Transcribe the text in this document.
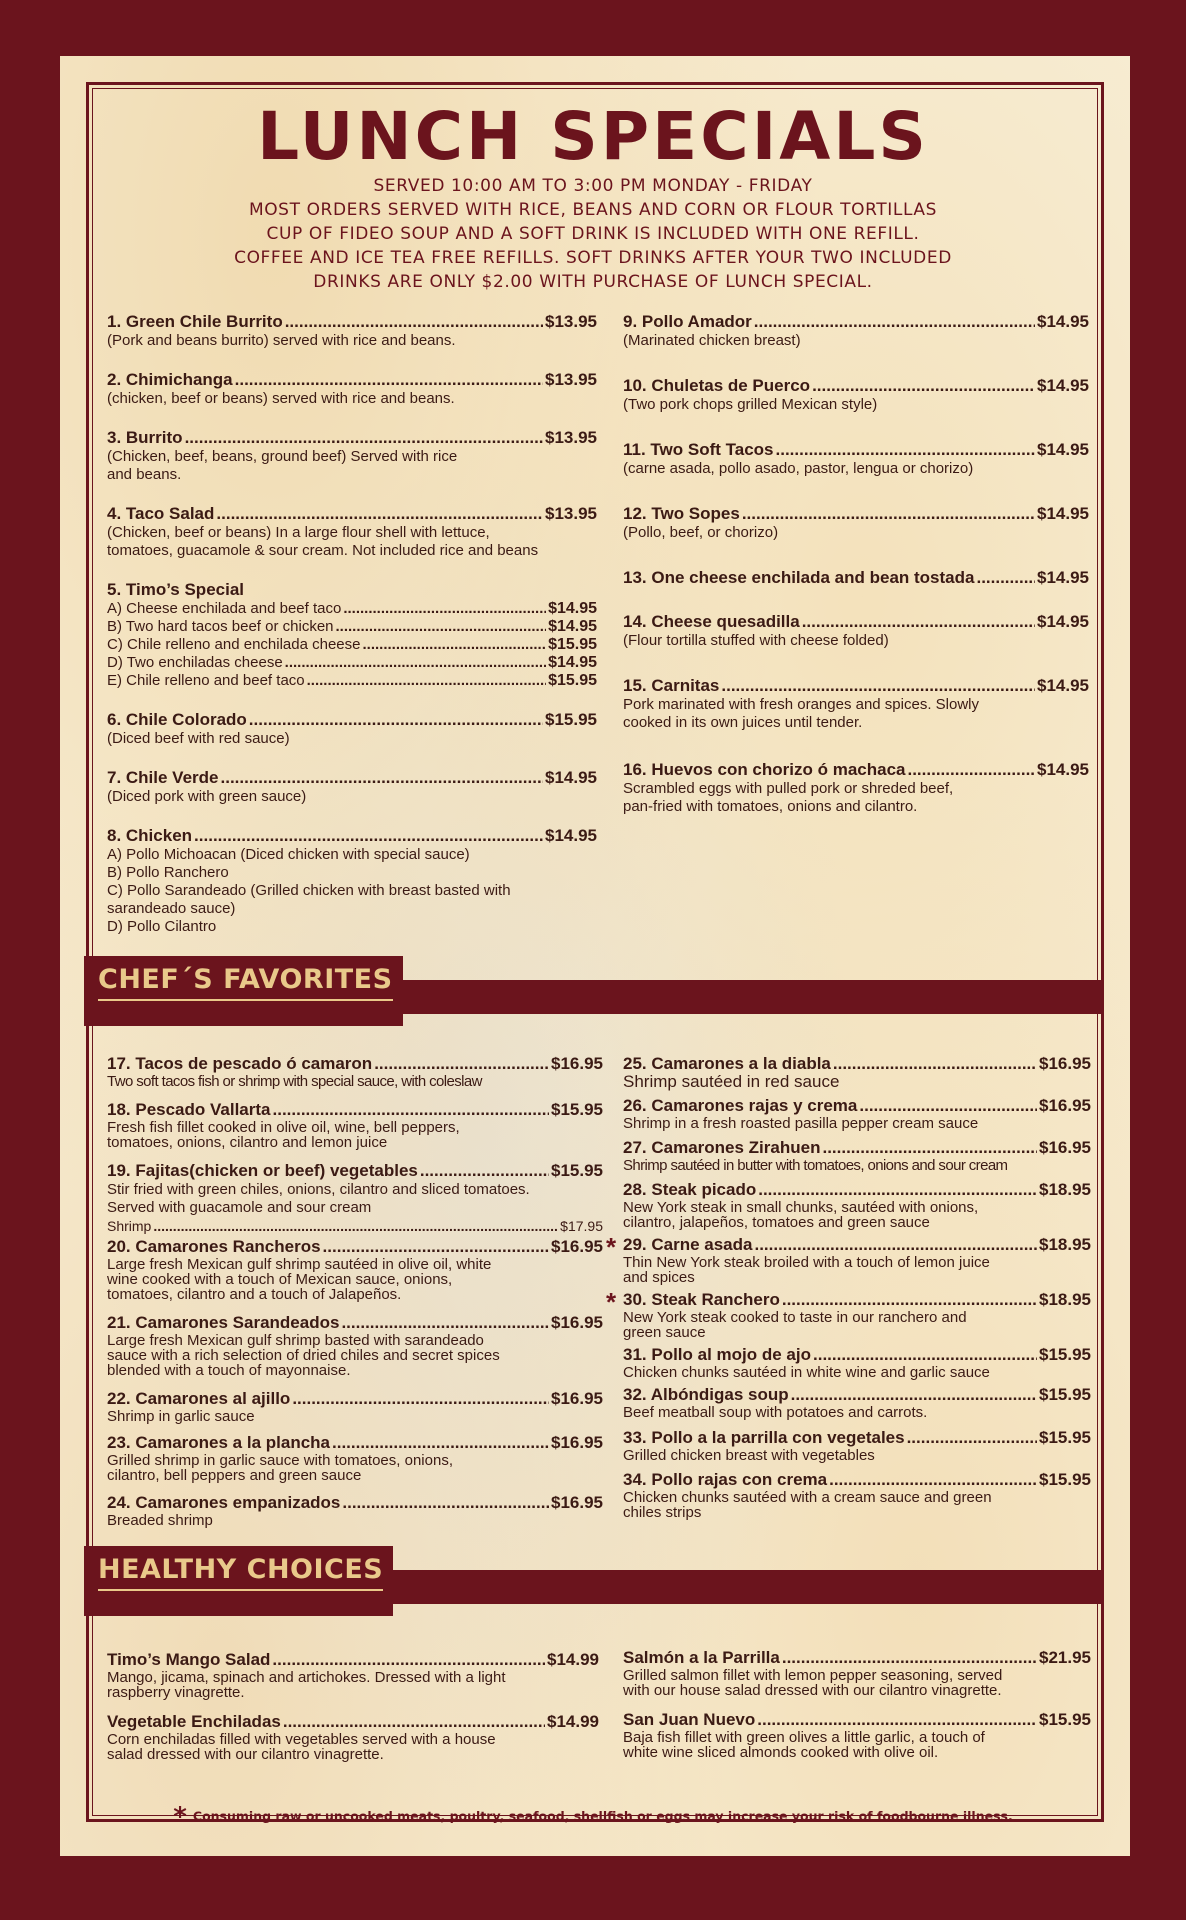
LUNCH SPECIALS
SERVED 10:00 AM TO 3:00 PM MONDAY - FRIDAY
MOST ORDERS SERVED WITH RICE, BEANS AND CORN OR FLOUR TORTILLAS
CUP OF FIDEO SOUP AND A SOFT DRINK IS INCLUDED WITH ONE REFILL.
COFFEE AND ICE TEA FREE REFILLS. SOFT DRINKS AFTER YOUR TWO INCLUDED
DRINKS ARE ONLY $2.00 WITH PURCHASE OF LUNCH SPECIAL.
1. Green Chile Burrito .....	$13.95
(Pork and beans burrito) served with rice and beans.
2. Chimichanga .....	$13.95
(chicken, beef or beans) served with rice and beans.
3. Burrito .....	$13.95
(Chicken, beef, beans, ground beef) Served with rice
and beans.
4. Taco Salad .....	$13.95
(Chicken, beef or beans) In a large flour shell with lettuce,
tomatoes, guacamole & sour cream. Not included rice and beans
5. Timo’s Special
A) Cheese enchilada and beef taco .....	$14.95
B) Two hard tacos beef or chicken .....	$14.95
C) Chile relleno and enchilada cheese .....	$15.95
D) Two enchiladas cheese .....	$14.95
E) Chile relleno and beef taco .....	$15.95
6. Chile Colorado .....	$15.95
(Diced beef with red sauce)
7. Chile Verde .....	$14.95
(Diced pork with green sauce)
8. Chicken .....	$14.95
A) Pollo Michoacan (Diced chicken with special sauce)
B) Pollo Ranchero
C) Pollo Sarandeado (Grilled chicken with breast basted with
sarandeado sauce)
D) Pollo Cilantro
9. Pollo Amador .....	$14.95
(Marinated chicken breast)
10. Chuletas de Puerco .....	$14.95
(Two pork chops grilled Mexican style)
11. Two Soft Tacos .....	$14.95
(carne asada, pollo asado, pastor, lengua or chorizo)
12. Two Sopes .....	$14.95
(Pollo, beef, or chorizo)
13. One cheese enchilada and bean tostada .....	$14.95
14. Cheese quesadilla .....	$14.95
(Flour tortilla stuffed with cheese folded)
15. Carnitas .....	$14.95
Pork marinated with fresh oranges and spices. Slowly
cooked in its own juices until tender.
16. Huevos con chorizo ó machaca .....	$14.95
Scrambled eggs with pulled pork or shreded beef,
pan-fried with tomatoes, onions and cilantro.
CHEF´S FAVORITES
17. Tacos de pescado ó camaron .....	$16.95
Two soft tacos fish or shrimp with special sauce, with coleslaw
18. Pescado Vallarta .....	$15.95
Fresh fish fillet cooked in olive oil, wine, bell peppers,
tomatoes, onions, cilantro and lemon juice
19. Fajitas(chicken or beef) vegetables .....	$15.95
Stir fried with green chiles, onions, cilantro and sliced tomatoes.
Served with guacamole and sour cream
Shrimp .....	$17.95
20. Camarones Rancheros .....	$16.95
Large fresh Mexican gulf shrimp sautéed in olive oil, white
wine cooked with a touch of Mexican sauce, onions,
tomatoes, cilantro and a touch of Jalapeños.
21. Camarones Sarandeados .....	$16.95
Large fresh Mexican gulf shrimp basted with sarandeado
sauce with a rich selection of dried chiles and secret spices
blended with a touch of mayonnaise.
22. Camarones al ajillo .....	$16.95
Shrimp in garlic sauce
23. Camarones a la plancha .....	$16.95
Grilled shrimp in garlic sauce with tomatoes, onions,
cilantro, bell peppers and green sauce
24. Camarones empanizados .....	$16.95
Breaded shrimp
25. Camarones a la diabla .....	$16.95
Shrimp sautéed in red sauce
26. Camarones rajas y crema .....	$16.95
Shrimp in a fresh roasted pasilla pepper cream sauce
27. Camarones Zirahuen .....	$16.95
Shrimp sautéed in butter with tomatoes, onions and sour cream
28. Steak picado .....	$18.95
New York steak in small chunks, sautéed with onions,
cilantro, jalapeños, tomatoes and green sauce
* 29. Carne asada .....	$18.95
Thin New York steak broiled with a touch of lemon juice
and spices
* 30. Steak Ranchero .....	$18.95
New York steak cooked to taste in our ranchero and
green sauce
31. Pollo al mojo de ajo .....	$15.95
Chicken chunks sautéed in white wine and garlic sauce
32. Albóndigas soup .....	$15.95
Beef meatball soup with potatoes and carrots.
33. Pollo a la parrilla con vegetales .....	$15.95
Grilled chicken breast with vegetables
34. Pollo rajas con crema .....	$15.95
Chicken chunks sautéed with a cream sauce and green
chiles strips
HEALTHY CHOICES
Timo’s Mango Salad .....	$14.99
Mango, jicama, spinach and artichokes. Dressed with a light
raspberry vinagrette.
Vegetable Enchiladas .....	$14.99
Corn enchiladas filled with vegetables served with a house
salad dressed with our cilantro vinagrette.
Salmón a la Parrilla .....	$21.95
Grilled salmon fillet with lemon pepper seasoning, served
with our house salad dressed with our cilantro vinagrette.
San Juan Nuevo .....	$15.95
Baja fish fillet with green olives a little garlic, a touch of
white wine sliced almonds cooked with olive oil.
* Consuming raw or uncooked meats, poultry, seafood, shellfish or eggs may increase your risk of foodbourne illness.
